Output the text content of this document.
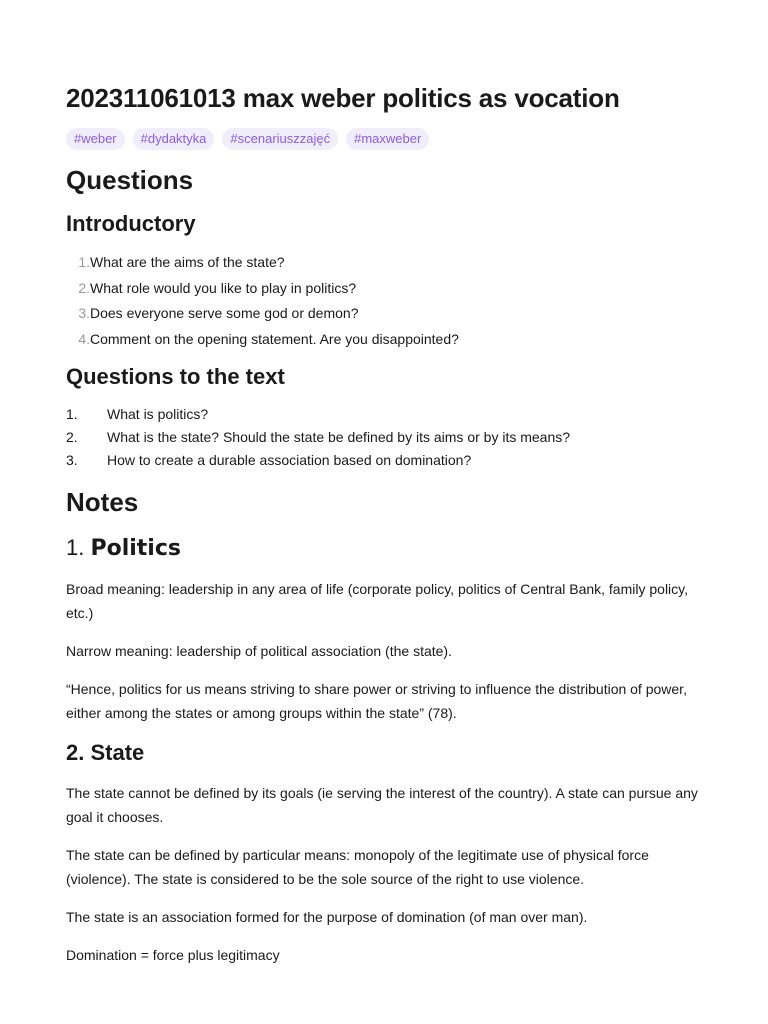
202311061013 max weber politics as vocation
#weber	#dydaktyka	#scenariuszzajęć	#maxweber
Questions
Introductory
1. What are the aims of the state?
2. What role would you like to play in politics?
3. Does everyone serve some god or demon?
4. Comment on the opening statement. Are you disappointed?
Questions to the text
1.	What is politics?
2.	What is the state? Should the state be defined by its aims or by its means?
3.	How to create a durable association based on domination?
Notes
1. Politics

Broad meaning: leadership in any area of life (corporate policy, politics of Central Bank, family policy, etc.)

Narrow meaning: leadership of political association (the state).

“Hence, politics for us means striving to share power or striving to influence the distribution of power, either among the states or among groups within the state” (78).

2. State

The state cannot be defined by its goals (ie serving the interest of the country). A state can pursue any goal it chooses.

The state can be defined by particular means: monopoly of the legitimate use of physical force (violence). The state is considered to be the sole source of the right to use violence.

The state is an association formed for the purpose of domination (of man over man).

Domination = force plus legitimacy
